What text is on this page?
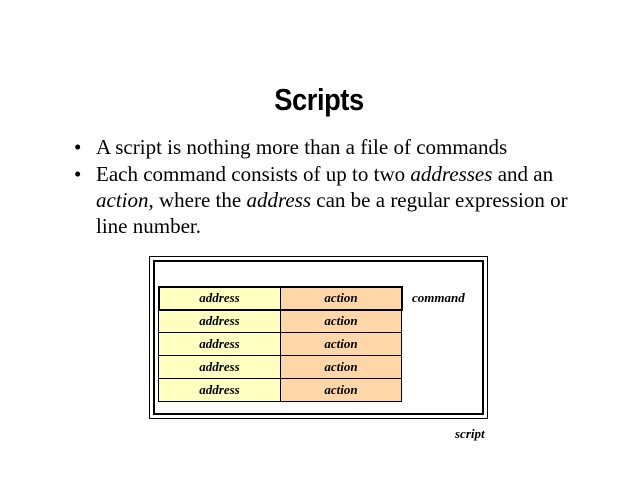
Scripts
• A script is nothing more than a file of commands
• Each command consists of up to two addresses and an action, where the address can be a regular expression or line number.
address	action
address	action
address	action
address	action
address	action
command
script
